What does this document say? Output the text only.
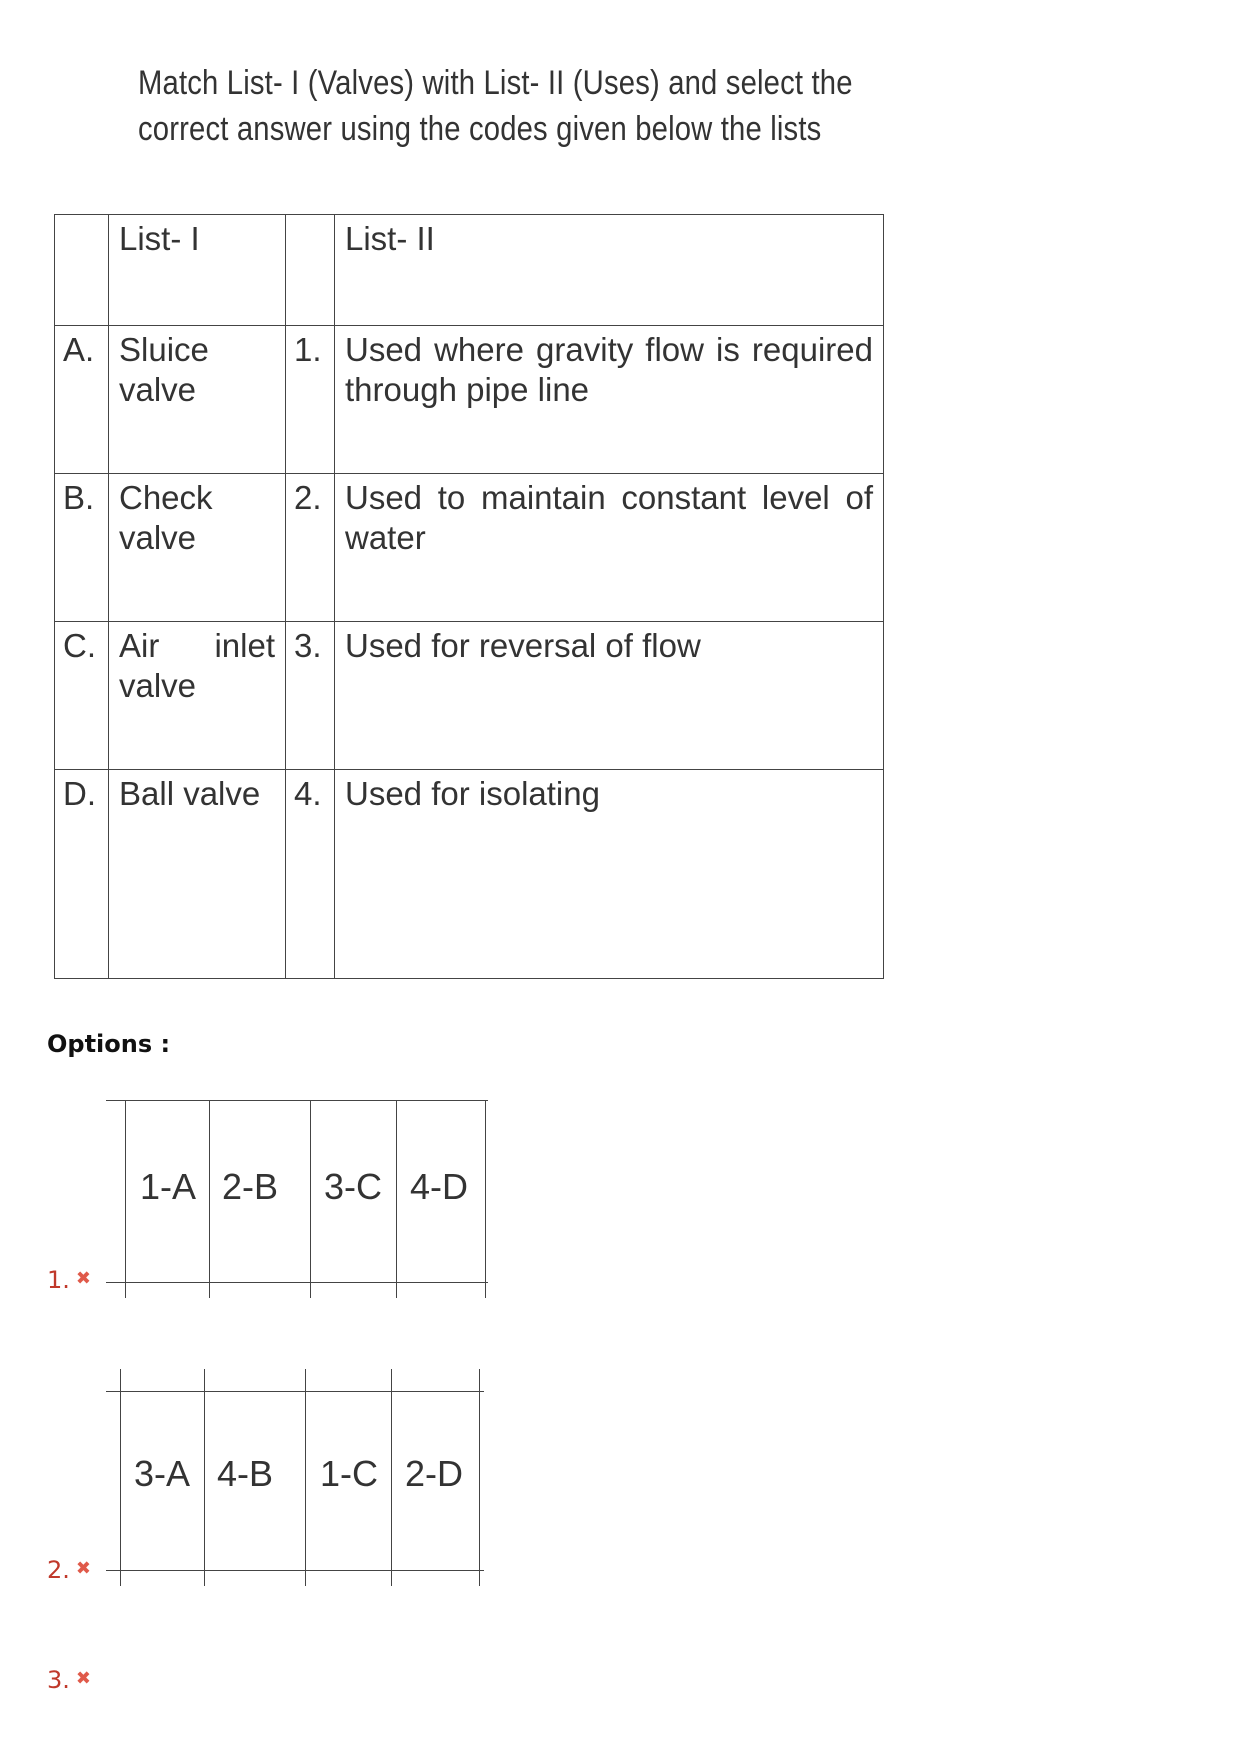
Match List- I (Valves) with List- II (Uses) and select the
correct answer using the codes given below the lists
	List- I		List- II
A.	Sluice valve	1.	Used where gravity flow is required through pipe line
B.	Check valve	2.	Used to maintain constant level of water
C.	Air inlet valve	3.	Used for reversal of flow
D.	Ball valve	4.	Used for isolating
Options :
1. ✖
1-A 2-B 3-C 4-D
2. ✖
3-A 4-B 1-C 2-D
3. ✖
